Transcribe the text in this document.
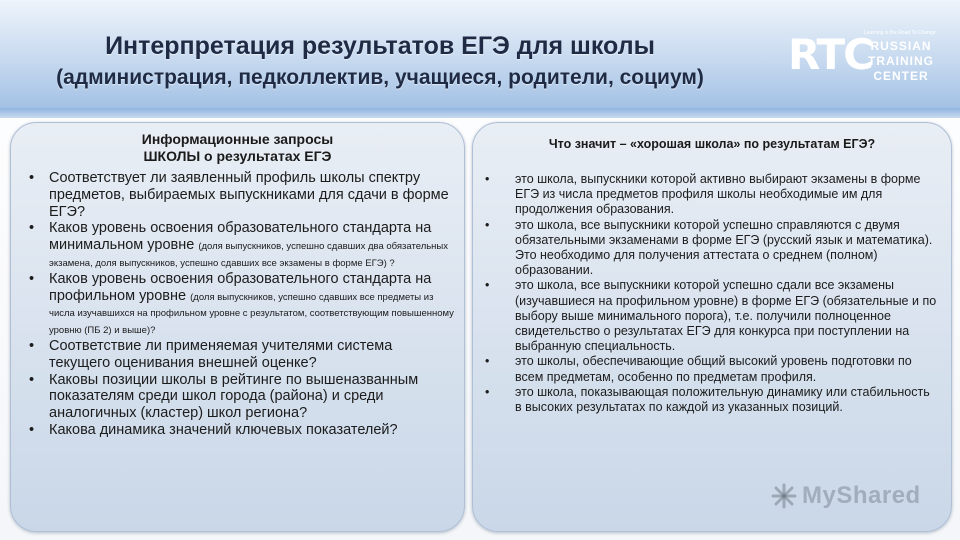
Интерпретация результатов ЕГЭ для школы
(администрация, педколлектив, учащиеся, родители, социум)	RTC
Learning is the Road To Change
RUSSIAN
TRAINING
CENTER
Информационные запросы
ШКОЛЫ о результатах ЕГЭ
• Соответствует ли заявленный профиль школы спектру предметов, выбираемых выпускниками для сдачи в форме ЕГЭ?
• Каков уровень освоения образовательного стандарта на минимальном уровне (доля выпускников, успешно сдавших два обязательных экзамена, доля выпускников, успешно сдавших все экзамены в форме ЕГЭ) ?
• Каков уровень освоения образовательного стандарта на профильном уровне (доля выпускников, успешно сдавших все предметы из числа изучавшихся на профильном уровне с результатом, соответствующим повышенному уровню (ПБ 2) и выше)?
• Соответствие ли применяемая учителями система текущего оценивания внешней оценке?
• Каковы позиции школы в рейтинге по вышеназванным показателям среди школ города (района) и среди аналогичных (кластер) школ региона?
• Какова динамика значений ключевых показателей?
Что значит – «хорошая школа» по результатам ЕГЭ?
• это школа, выпускники которой активно выбирают экзамены в форме ЕГЭ из числа предметов профиля школы необходимые им для продолжения образования.
• это школа, все выпускники которой успешно справляются с двумя обязательными экзаменами в форме ЕГЭ (русский язык и математика). Это необходимо для получения аттестата о среднем (полном) образовании.
• это школа, все выпускники которой успешно сдали все экзамены (изучавшиеся на профильном уровне) в форме ЕГЭ (обязательные и по выбору выше минимального порога), т.е. получили полноценное свидетельство о результатах ЕГЭ для конкурса при поступлении на выбранную специальность.
• это школы, обеспечивающие общий высокий уровень подготовки по всем предметам, особенно по предметам профиля.
• это школа, показывающая положительную динамику или стабильность в высоких результатах по каждой из указанных позиций.
MyShared
